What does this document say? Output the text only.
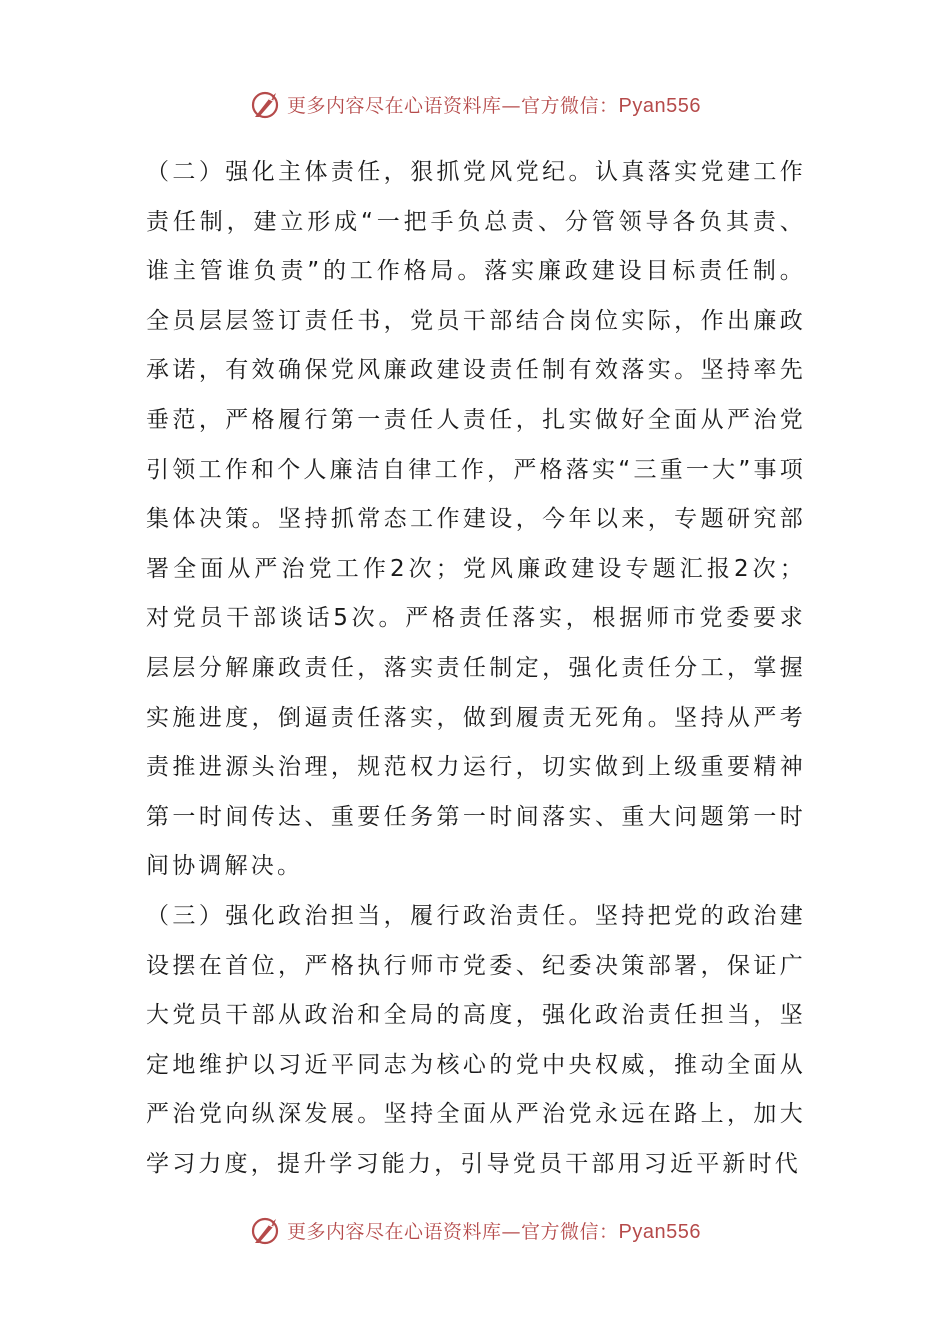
更多内容尽在心语资料库—官方微信：Pyan556

（二）强化主体责任，狠抓党风党纪。认真落实党建工作责任制，建立形成“一把手负总责、分管领导各负其责、谁主管谁负责”的工作格局。落实廉政建设目标责任制。全员层层签订责任书，党员干部结合岗位实际，作出廉政承诺，有效确保党风廉政建设责任制有效落实。坚持率先垂范，严格履行第一责任人责任，扎实做好全面从严治党引领工作和个人廉洁自律工作，严格落实“三重一大”事项集体决策。坚持抓常态工作建设，今年以来，专题研究部署全面从严治党工作2次；党风廉政建设专题汇报2次；对党员干部谈话5次。严格责任落实，根据师市党委要求层层分解廉政责任，落实责任制定，强化责任分工，掌握实施进度，倒逼责任落实，做到履责无死角。坚持从严考责推进源头治理，规范权力运行，切实做到上级重要精神第一时间传达、重要任务第一时间落实、重大问题第一时间协调解决。

（三）强化政治担当，履行政治责任。坚持把党的政治建设摆在首位，严格执行师市党委、纪委决策部署，保证广大党员干部从政治和全局的高度，强化政治责任担当，坚定地维护以习近平同志为核心的党中央权威，推动全面从严治党向纵深发展。坚持全面从严治党永远在路上，加大学习力度，提升学习能力，引导党员干部用习近平新时代

更多内容尽在心语资料库—官方微信：Pyan556
